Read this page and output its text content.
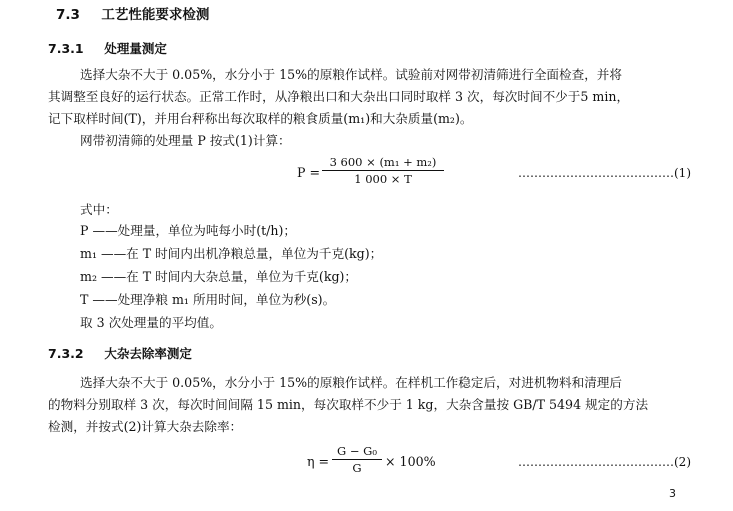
7.3 工艺性能要求检测
7.3.1 处理量测定
选择大杂不大于 0.05%，水分小于 15%的原粮作试样。试验前对网带初清筛进行全面检查，并将
其调整至良好的运行状态。正常工作时，从净粮出口和大杂出口同时取样 3 次，每次时间不少于5 min，
记下取样时间(T)，并用台秤称出每次取样的粮食质量(m₁)和大杂质量(m₂)。
网带初清筛的处理量 P 按式(1)计算：
P =
3 600 × (m₁ + m₂)
1 000 × T	…………………………………(1)
式中：
P ——处理量，单位为吨每小时(t/h)；
m₁ ——在 T 时间内出机净粮总量，单位为千克(kg)；
m₂ ——在 T 时间内大杂总量，单位为千克(kg)；
T ——处理净粮 m₁ 所用时间，单位为秒(s)。
取 3 次处理量的平均值。
7.3.2 大杂去除率测定
选择大杂不大于 0.05%，水分小于 15%的原粮作试样。在样机工作稳定后，对进机物料和清理后
的物料分别取样 3 次，每次时间间隔 15 min，每次取样不少于 1 kg，大杂含量按 GB/T 5494 规定的方法
检测，并按式(2)计算大杂去除率：
η =
G − G₀
G	× 100%	…………………………………(2)
3
